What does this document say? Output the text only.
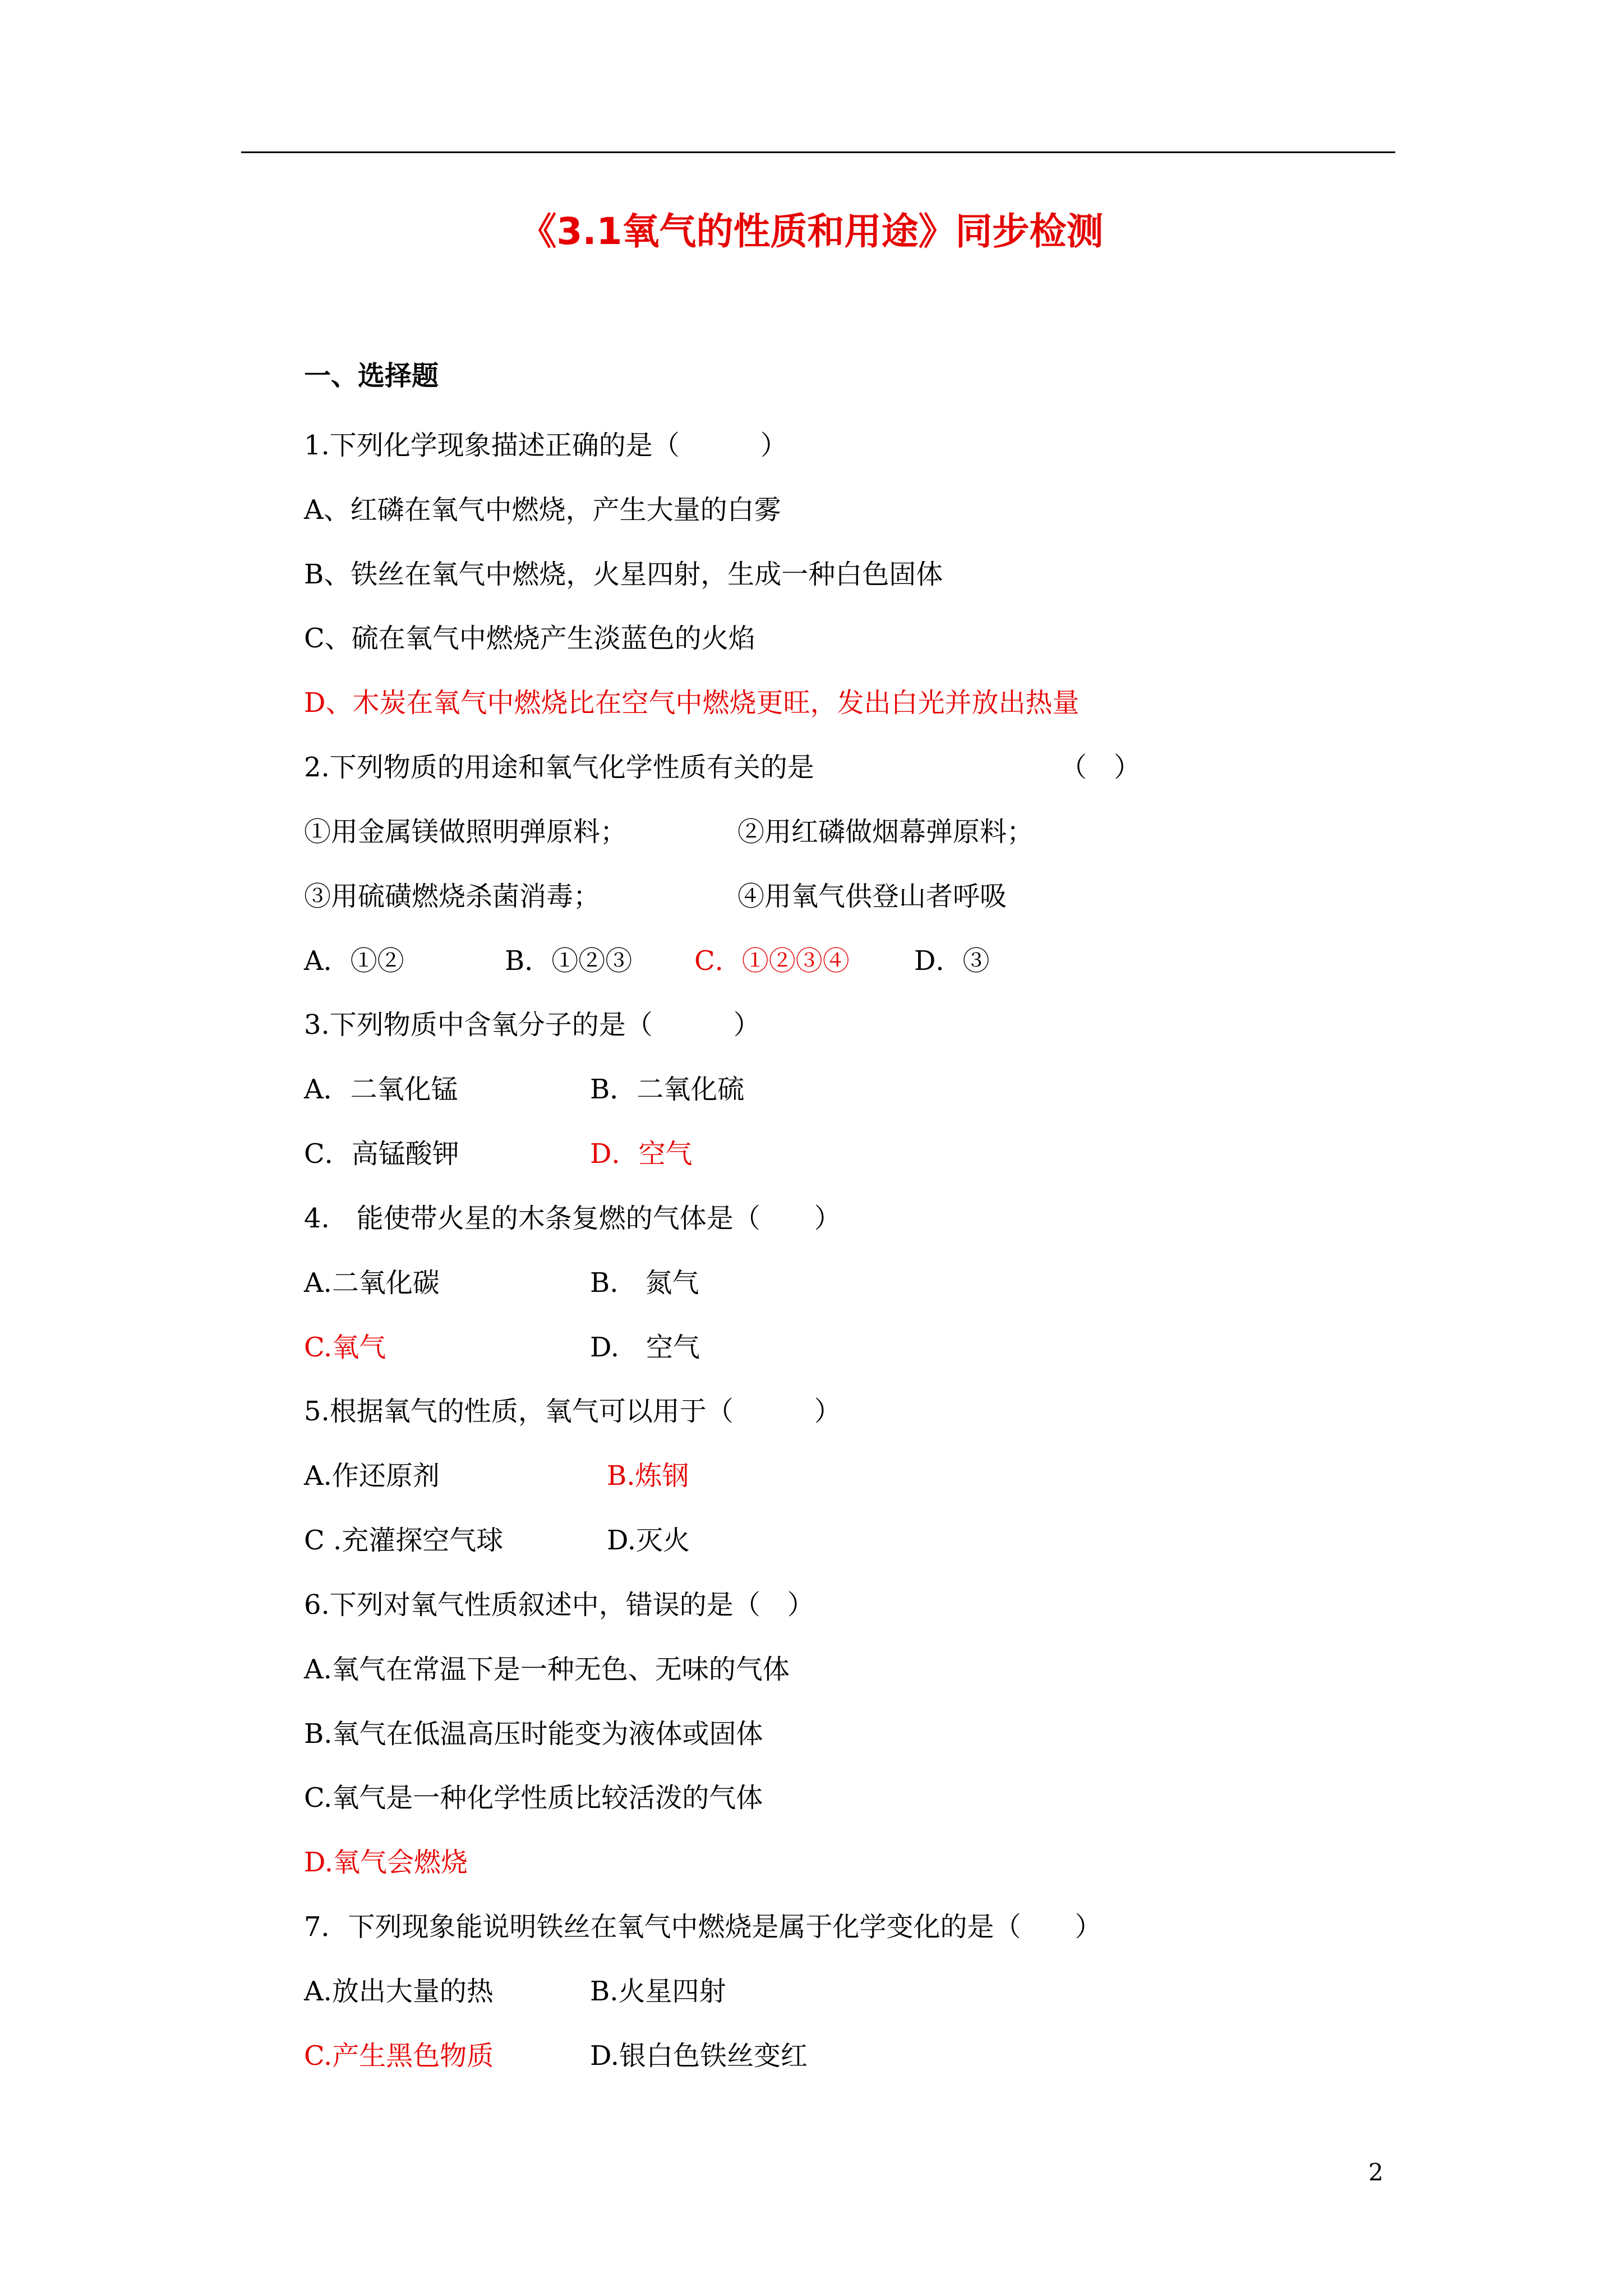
《3.1氧气的性质和用途》同步检测
一、选择题
1.下列化学现象描述正确的是（　　　）
A、红磷在氧气中燃烧，产生大量的白雾
B、铁丝在氧气中燃烧，火星四射，生成一种白色固体
C、硫在氧气中燃烧产生淡蓝色的火焰
D、木炭在氧气中燃烧比在空气中燃烧更旺，发出白光并放出热量
2.下列物质的用途和氧气化学性质有关的是	（　）
①用金属镁做照明弹原料；	②用红磷做烟幕弹原料；
③用硫磺燃烧杀菌消毒；	④用氧气供登山者呼吸
A．①②	B．①②③ C．①②③④ D．③
3.下列物质中含氧分子的是（　　　）
A．二氧化锰	B．二氧化硫
C．高锰酸钾	D．空气
4.　能使带火星的木条复燃的气体是（　　）
A.二氧化碳	B.　氮气
C.氧气	D.　空气
5.根据氧气的性质，氧气可以用于（　　　）
A.作还原剂	B.炼钢
C .充灌探空气球	D.灭火
6.下列对氧气性质叙述中，错误的是（　）
A.氧气在常温下是一种无色、无味的气体
B.氧气在低温高压时能变为液体或固体
C.氧气是一种化学性质比较活泼的气体
D.氧气会燃烧
7．下列现象能说明铁丝在氧气中燃烧是属于化学变化的是（　　）
A.放出大量的热	B.火星四射
C.产生黑色物质	D.银白色铁丝变红
2
